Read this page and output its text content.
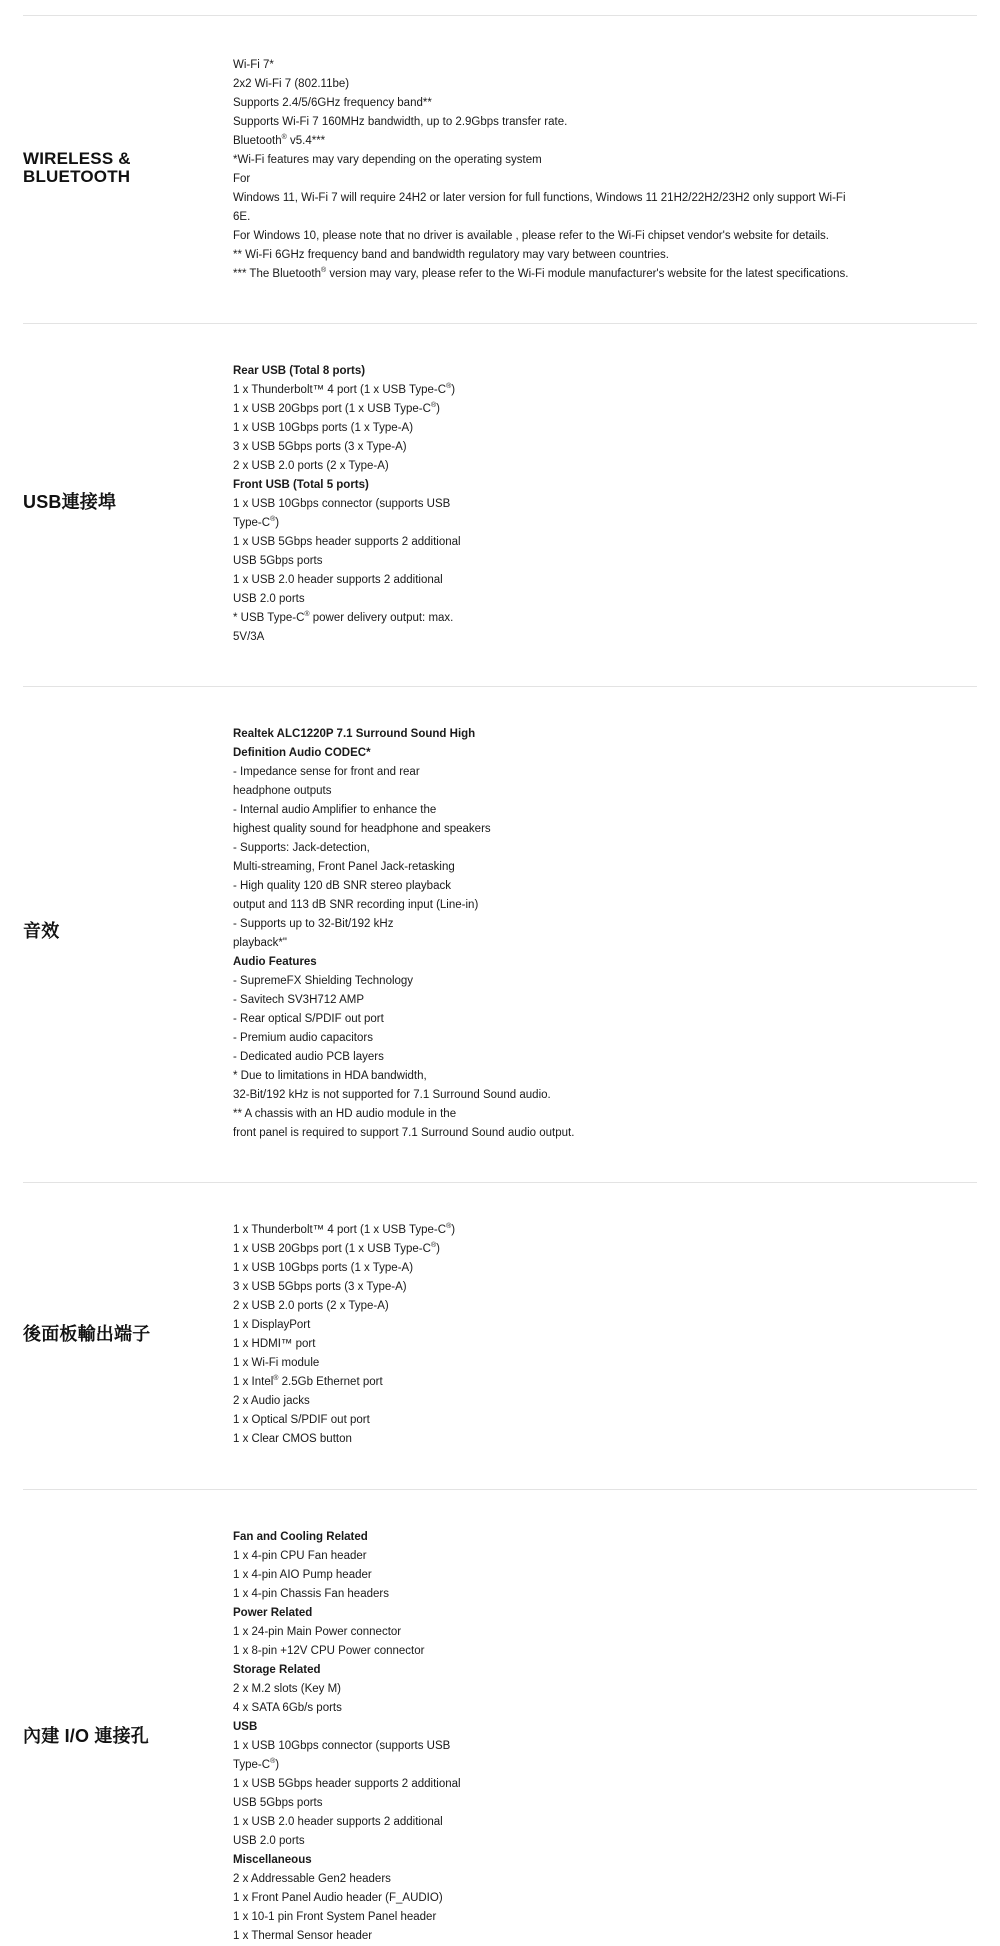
WIRELESS & BLUETOOTH
Wi-Fi 7*
2x2 Wi-Fi 7 (802.11be)
Supports 2.4/5/6GHz frequency band**
Supports Wi-Fi 7 160MHz bandwidth, up to 2.9Gbps transfer rate.
Bluetooth® v5.4***
*Wi-Fi features may vary depending on the operating system
For
Windows 11, Wi-Fi 7 will require 24H2 or later version for full functions, Windows 11 21H2/22H2/23H2 only support Wi-Fi
6E.
For Windows 10, please note that no driver is available , please refer to the Wi-Fi chipset vendor's website for details.
** Wi-Fi 6GHz frequency band and bandwidth regulatory may vary between countries.
*** The Bluetooth® version may vary, please refer to the Wi-Fi module manufacturer's website for the latest specifications.
USB連接埠
Rear USB (Total 8 ports)
1 x Thunderbolt™ 4 port (1 x USB Type-C®)
1 x USB 20Gbps port (1 x USB Type-C®)
1 x USB 10Gbps ports (1 x Type-A)
3 x USB 5Gbps ports (3 x Type-A)
2 x USB 2.0 ports (2 x Type-A)
Front USB (Total 5 ports)
1 x USB 10Gbps connector (supports USB
Type-C®)
1 x USB 5Gbps header supports 2 additional
USB 5Gbps ports
1 x USB 2.0 header supports 2 additional
USB 2.0 ports
* USB Type-C® power delivery output: max.
5V/3A
音效
Realtek ALC1220P 7.1 Surround Sound High
Definition Audio CODEC*
- Impedance sense for front and rear
headphone outputs
- Internal audio Amplifier to enhance the
highest quality sound for headphone and speakers
- Supports: Jack-detection,
Multi-streaming, Front Panel Jack-retasking
- High quality 120 dB SNR stereo playback
output and 113 dB SNR recording input (Line-in)
- Supports up to 32-Bit/192 kHz
playback*"
Audio Features
- SupremeFX Shielding Technology
- Savitech SV3H712 AMP
- Rear optical S/PDIF out port
- Premium audio capacitors
- Dedicated audio PCB layers
* Due to limitations in HDA bandwidth,
32-Bit/192 kHz is not supported for 7.1 Surround Sound audio.
** A chassis with an HD audio module in the
front panel is required to support 7.1 Surround Sound audio output.
後面板輸出端子
1 x Thunderbolt™ 4 port (1 x USB Type-C®)
1 x USB 20Gbps port (1 x USB Type-C®)
1 x USB 10Gbps ports (1 x Type-A)
3 x USB 5Gbps ports (3 x Type-A)
2 x USB 2.0 ports (2 x Type-A)
1 x DisplayPort
1 x HDMI™ port
1 x Wi-Fi module
1 x Intel® 2.5Gb Ethernet port
2 x Audio jacks
1 x Optical S/PDIF out port
1 x Clear CMOS button
內建 I/O 連接孔
Fan and Cooling Related
1 x 4-pin CPU Fan header
1 x 4-pin AIO Pump header
1 x 4-pin Chassis Fan headers
Power Related
1 x 24-pin Main Power connector
1 x 8-pin +12V CPU Power connector
Storage Related
2 x M.2 slots (Key M)
4 x SATA 6Gb/s ports
USB
1 x USB 10Gbps connector (supports USB
Type-C®)
1 x USB 5Gbps header supports 2 additional
USB 5Gbps ports
1 x USB 2.0 header supports 2 additional
USB 2.0 ports
Miscellaneous
2 x Addressable Gen2 headers
1 x Front Panel Audio header (F_AUDIO)
1 x 10-1 pin Front System Panel header
1 x Thermal Sensor header
